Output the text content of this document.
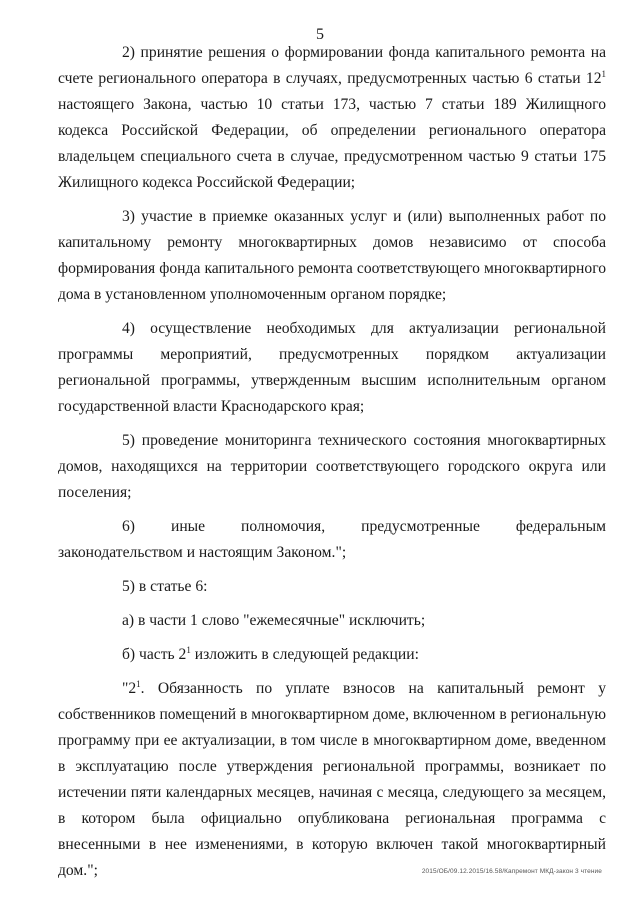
5

2) принятие решения о формировании фонда капитального ремонта на счете регионального оператора в случаях, предусмотренных частью 6 статьи $12^1$ настоящего Закона, частью 10 статьи 173, частью 7 статьи 189 Жилищного кодекса Российской Федерации, об определении регионального оператора владельцем специального счета в случае, предусмотренном частью 9 статьи 175 Жилищного кодекса Российской Федерации;

3) участие в приемке оказанных услуг и (или) выполненных работ по капитальному ремонту многоквартирных домов независимо от способа формирования фонда капитального ремонта соответствующего многоквартирного дома в установленном уполномоченным органом порядке;

4) осуществление необходимых для актуализации региональной программы мероприятий, предусмотренных порядком актуализации региональной программы, утвержденным высшим исполнительным органом государственной власти Краснодарского края;

5) проведение мониторинга технического состояния многоквартирных домов, находящихся на территории соответствующего городского округа или поселения;

6) иные полномочия, предусмотренные федеральным законодательством и настоящим Законом.";

5) в статье 6:

а) в части 1 слово "ежемесячные" исключить;

б) часть $2^1$ изложить в следующей редакции:

"$2^1$. Обязанность по уплате взносов на капитальный ремонт у собственников помещений в многоквартирном доме, включенном в региональную программу при ее актуализации, в том числе в многоквартирном доме, введенном в эксплуатацию после утверждения региональной программы, возникает по истечении пяти календарных месяцев, начиная с месяца, следующего за месяцем, в котором была официально опубликована региональная программа с внесенными в нее изменениями, в которую включен такой многоквартирный дом.";	2015/ОБ/09.12.2015/16.58/Капремонт МКД-закон 3 чтение
